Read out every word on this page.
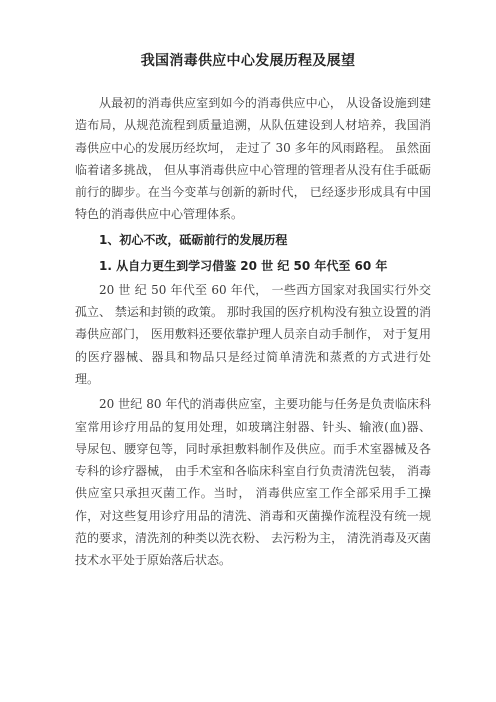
我国消毒供应中心发展历程及展望

从最初的消毒供应室到如今的消毒供应中心， 从设备设施到建造布局，从规范流程到质量追溯，从队伍建设到人材培养，我国消毒供应中心的发展历经坎坷， 走过了 30 多年的风雨路程。 虽然面临着诸多挑战， 但从事消毒供应中心管理的管理者从没有住手砥砺前行的脚步。在当今变革与创新的新时代， 已经逐步形成具有中国特色的消毒供应中心管理体系。

1、初心不改，砥砺前行的发展历程
1. 从自力更生到学习借鉴 20 世 纪 50 年代至 60 年

20 世 纪 50 年代至 60 年代， 一些西方国家对我国实行外交孤立、 禁运和封锁的政策。 那时我国的医疗机构没有独立设置的消毒供应部门， 医用敷料还要依靠护理人员亲自动手制作， 对于复用的医疗器械、器具和物品只是经过简单清洗和蒸煮的方式进行处理。

20 世纪 80 年代的消毒供应室，主要功能与任务是负责临床科室常用诊疗用品的复用处理，如玻璃注射器、针头、输液(血)器、导尿包、腰穿包等，同时承担敷料制作及供应。而手术室器械及各专科的诊疗器械， 由手术室和各临床科室自行负责清洗包装， 消毒供应室只承担灭菌工作。当时， 消毒供应室工作全部采用手工操作，对这些复用诊疗用品的清洗、消毒和灭菌操作流程没有统一规范的要求，清洗剂的种类以洗衣粉、 去污粉为主， 清洗消毒及灭菌技术水平处于原始落后状态。
